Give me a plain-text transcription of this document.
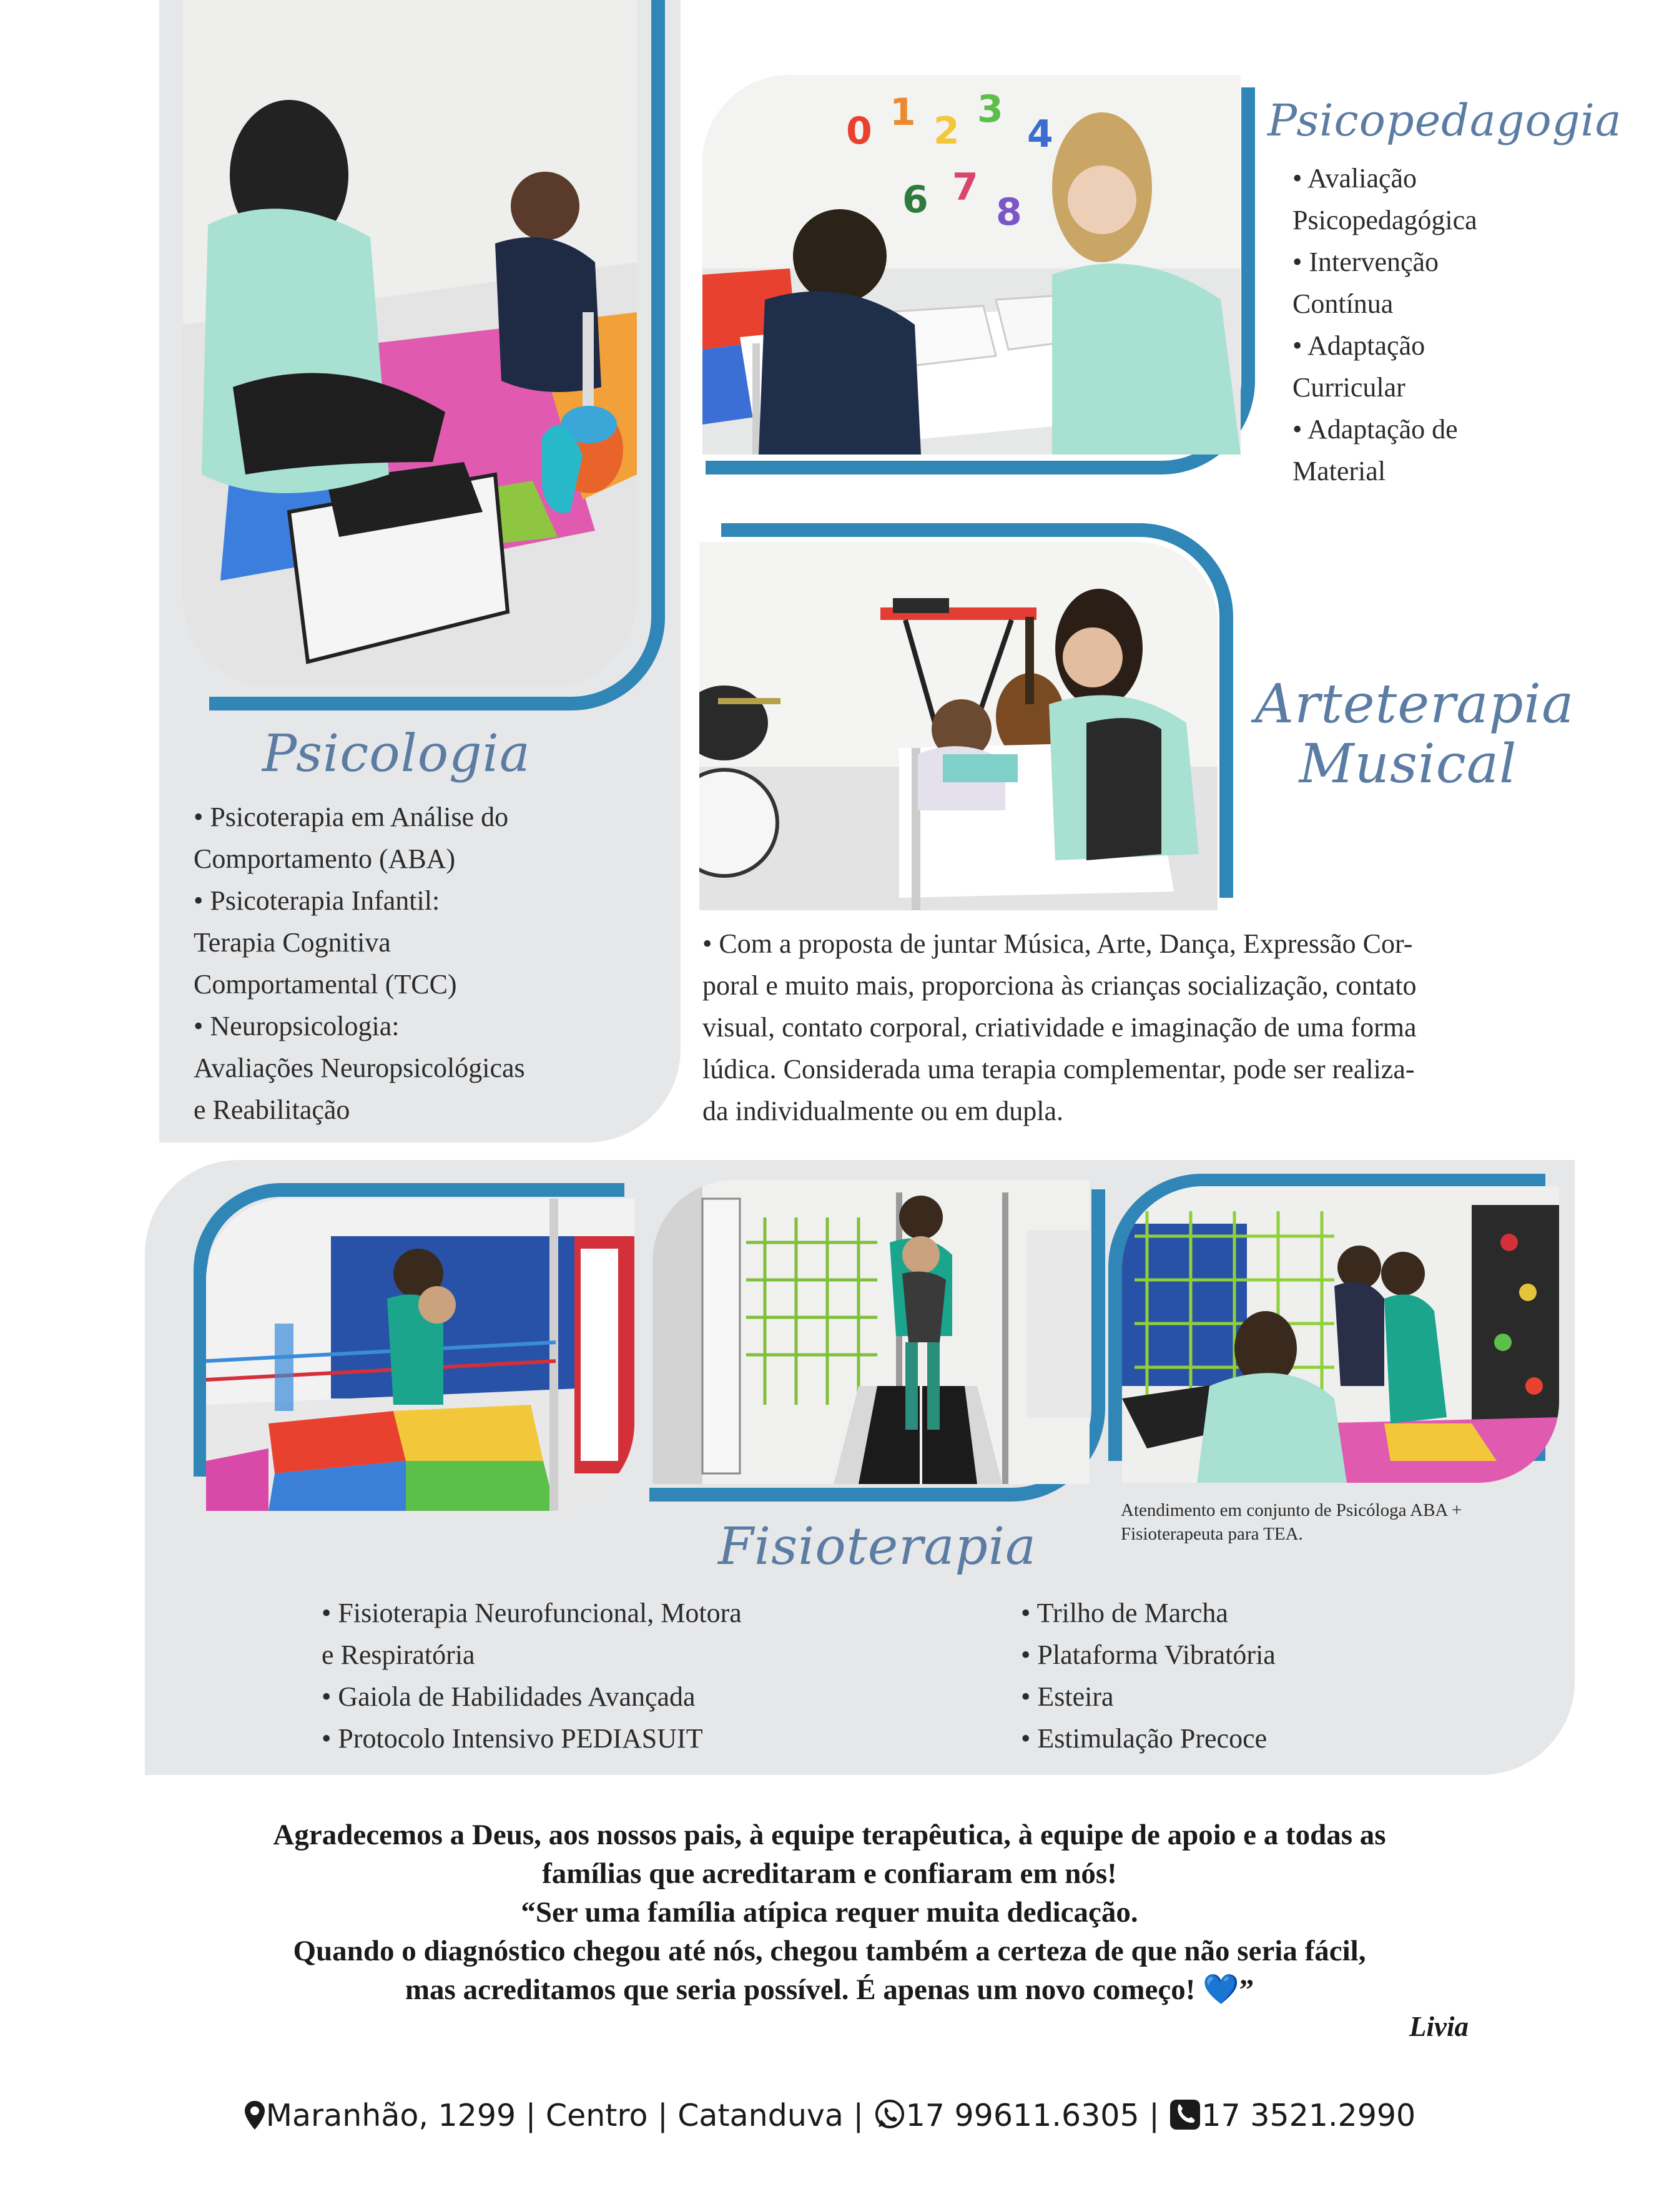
0 1 2 3
4
6 7
8
Psicologia
Psicopedagogia
Arteterapia
Musical
Fisioterapia
• Psicoterapia em Análise do
Comportamento (ABA)
• Psicoterapia Infantil:
Terapia Cognitiva
Comportamental (TCC)
• Neuropsicologia:
Avaliações Neuropsicológicas
e Reabilitação
• Avaliação
Psicopedagógica
• Intervenção
Contínua
• Adaptação
Curricular
• Adaptação de
Material
• Com a proposta de juntar Música, Arte, Dança, Expressão Cor-
poral e muito mais, proporciona às crianças socialização, contato
visual, contato corporal, criatividade e imaginação de uma forma
lúdica. Considerada uma terapia complementar, pode ser realiza-
da individualmente ou em dupla.
Atendimento em conjunto de Psicóloga ABA +
Fisioterapeuta para TEA.
• Fisioterapia Neurofuncional, Motora
e Respiratória
• Gaiola de Habilidades Avançada
• Protocolo Intensivo PEDIASUIT
• Trilho de Marcha
• Plataforma Vibratória
• Esteira
• Estimulação Precoce
Agradecemos a Deus, aos nossos pais, à equipe terapêutica, à equipe de apoio e a todas as
famílias que acreditaram e confiaram em nós!
“Ser uma família atípica requer muita dedicação.
Quando o diagnóstico chegou até nós, chegou também a certeza de que não seria fácil,
mas acreditamos que seria possível. É apenas um novo começo! 💙”
Livia
Maranhão, 1299 | Centro | Catanduva | 17 99611.6305 | 17 3521.2990
